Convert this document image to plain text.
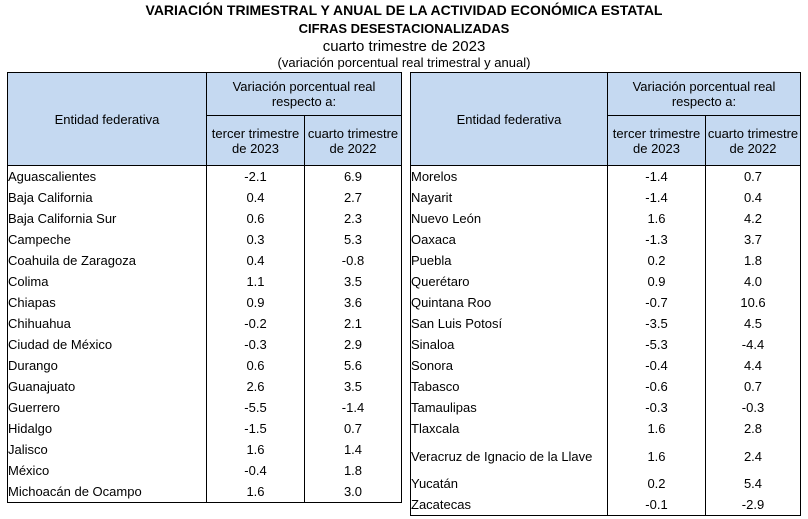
VARIACIÓN TRIMESTRAL Y ANUAL DE LA ACTIVIDAD ECONÓMICA ESTATAL
CIFRAS DESESTACIONALIZADAS
cuarto trimestre de 2023
(variación porcentual real trimestral y anual)
Entidad federativa	Variación porcentual real respecto a:	
	tercer trimestre de 2023	cuarto trimestre de 2022
Aguascalientes	-2.1	6.9
Baja California	0.4	2.7
Baja California Sur	0.6	2.3
Campeche	0.3	5.3
Coahuila de Zaragoza	0.4	-0.8
Colima	1.1	3.5
Chiapas	0.9	3.6
Chihuahua	-0.2	2.1
Ciudad de México	-0.3	2.9
Durango	0.6	5.6
Guanajuato	2.6	3.5
Guerrero	-5.5	-1.4
Hidalgo	-1.5	0.7
Jalisco	1.6	1.4
México	-0.4	1.8
Michoacán de Ocampo	1.6	3.0
Entidad federativa	Variación porcentual real respecto a:	
	tercer trimestre de 2023	cuarto trimestre de 2022
Morelos	-1.4	0.7
Nayarit	-1.4	0.4
Nuevo León	1.6	4.2
Oaxaca	-1.3	3.7
Puebla	0.2	1.8
Querétaro	0.9	4.0
Quintana Roo	-0.7	10.6
San Luis Potosí	-3.5	4.5
Sinaloa	-5.3	-4.4
Sonora	-0.4	4.4
Tabasco	-0.6	0.7
Tamaulipas	-0.3	-0.3
Tlaxcala	1.6	2.8
Veracruz de Ignacio de la Llave	1.6	2.4
Yucatán	0.2	5.4
Zacatecas	-0.1	-2.9
